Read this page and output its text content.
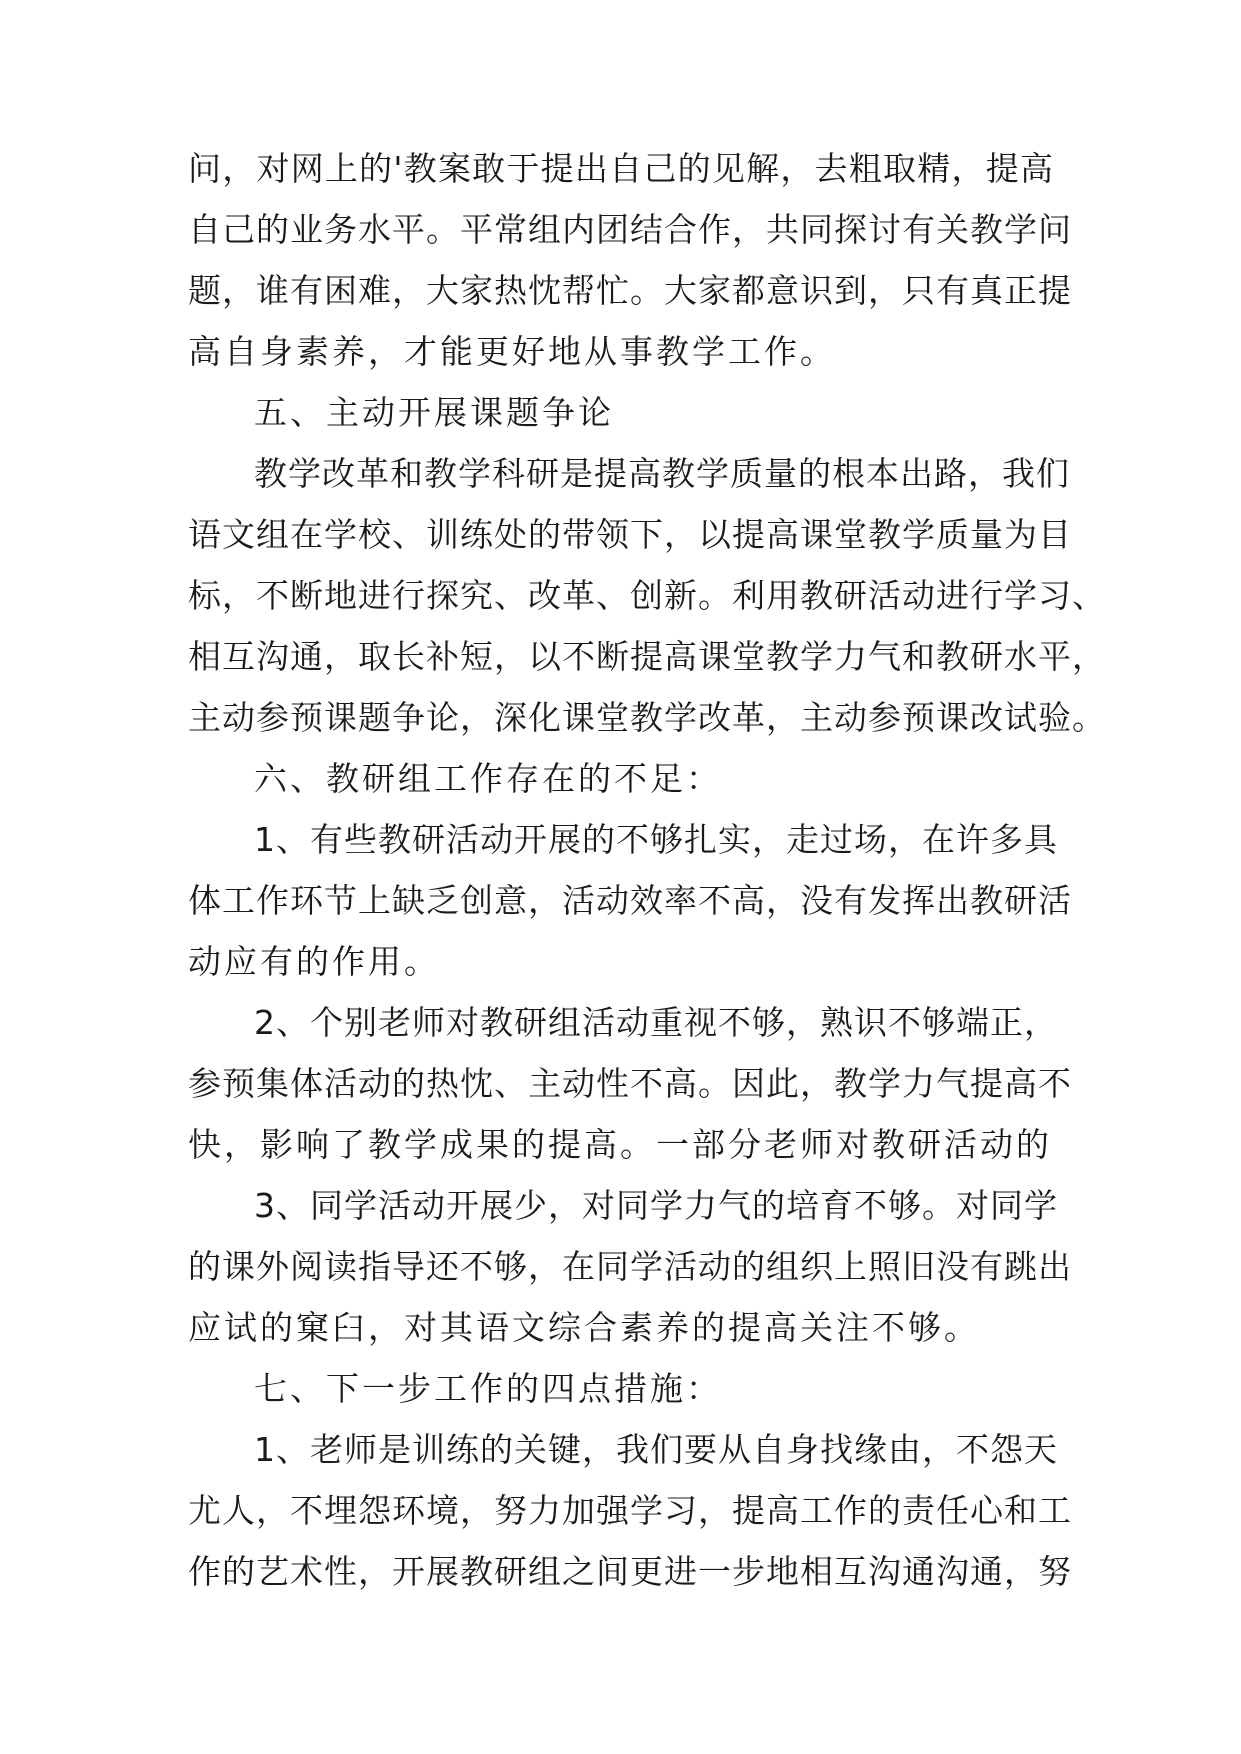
问，对网上的'教案敢于提出自己的见解，去粗取精，提高
自己的业务水平。平常组内团结合作，共同探讨有关教学问
题，谁有困难，大家热忱帮忙。大家都意识到，只有真正提
高自身素养，才能更好地从事教学工作。
五、主动开展课题争论
教学改革和教学科研是提高教学质量的根本出路，我们
语文组在学校、训练处的带领下，以提高课堂教学质量为目
标，不断地进行探究、改革、创新。利用教研活动进行学习、
相互沟通，取长补短，以不断提高课堂教学力气和教研水平，
主动参预课题争论，深化课堂教学改革，主动参预课改试验。
六、教研组工作存在的不足：
1、有些教研活动开展的不够扎实，走过场，在许多具
体工作环节上缺乏创意，活动效率不高，没有发挥出教研活
动应有的作用。
2、个别老师对教研组活动重视不够，熟识不够端正，
参预集体活动的热忱、主动性不高。因此，教学力气提高不
快，影响了教学成果的提高。一部分老师对教研活动的
3、同学活动开展少，对同学力气的培育不够。对同学
的课外阅读指导还不够，在同学活动的组织上照旧没有跳出
应试的窠臼，对其语文综合素养的提高关注不够。
七、下一步工作的四点措施：
1、老师是训练的关键，我们要从自身找缘由，不怨天
尤人，不埋怨环境，努力加强学习，提高工作的责任心和工
作的艺术性，开展教研组之间更进一步地相互沟通沟通，努
